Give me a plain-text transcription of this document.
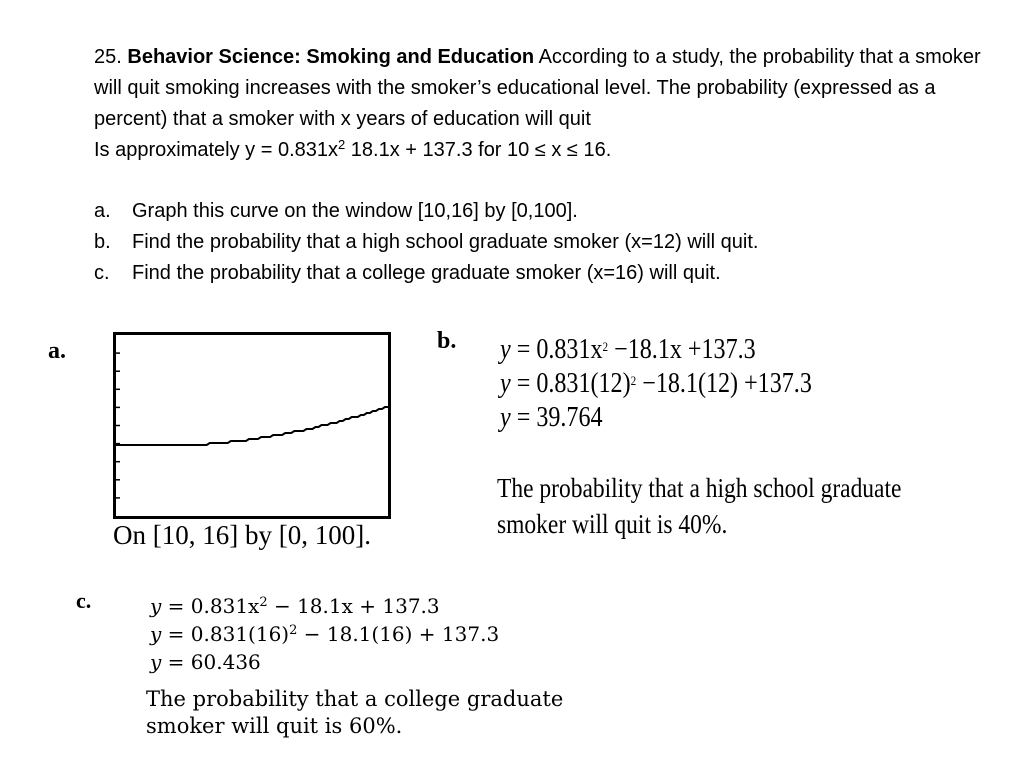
25. Behavior Science: Smoking and Education According to a study, the probability that a smoker will quit smoking increases with the smoker’s educational level. The probability (expressed as a percent) that a smoker with x years of education will quit

Is approximately $y = 0.831x^2$ 18.1x + 137.3 for 10 ≤ x ≤ 16.

a.	Graph this curve on the window [10,16] by [0,100].
b.	Find the probability that a high school graduate smoker (x=12) will quit.
c.	Find the probability that a college graduate smoker (x=16) will quit.
a.
On [10, 16] by [0, 100].
b. $y = 0.831x^2 -18.1x +137.3$
$y = 0.831(12)^2 -18.1(12) +137.3$
y = 39.764
The probability that a high school graduate
smoker will quit is 40%.
c.	$y = 0.831x^2 - 18.1x + 137.3$
$y = 0.831(16)^2 - 18.1(16) + 137.3$
y = 60.436
The probability that a college graduate
smoker will quit is 60%.
